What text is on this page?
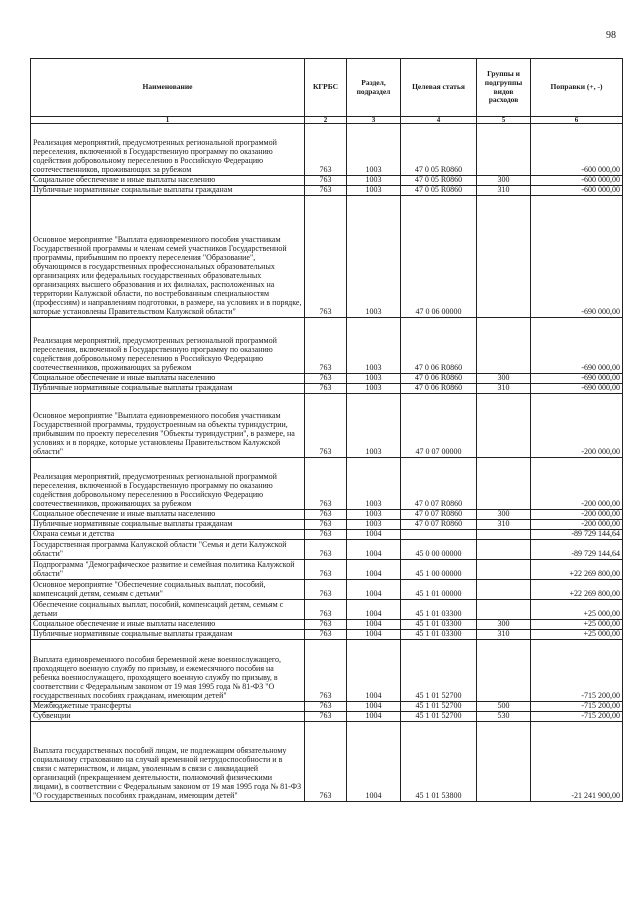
98
Наименование	КГРБС	Раздел, подраздел	Целевая статья	Группы и подгруппы видов расходов	Поправки (+, -)
1	2	3	4	5	6
Реализация мероприятий, предусмотренных региональной программой переселения, включенной в Государственную программу по оказанию содействия добровольному переселению в Российскую Федерацию соотечественников, проживающих за рубежом	763	1003	47 0 05 R0860		-600 000,00
Социальное обеспечение и иные выплаты населению	763	1003	47 0 05 R0860	300	-600 000,00
Публичные нормативные социальные выплаты гражданам	763	1003	47 0 05 R0860	310	-600 000,00
Основное мероприятие "Выплата единовременного пособия участникам Государственной программы и членам семей участников Государственной программы, прибывшим по проекту переселения "Образование", обучающимся в государственных профессиональных образовательных организациях или федеральных государственных образовательных организациях высшего образования и их филиалах, расположенных на территории Калужской области, по востребованным специальностям (профессиям) и направлениям подготовки, в размере, на условиях и в порядке, которые установлены Правительством Калужской области"	763	1003	47 0 06 00000		-690 000,00
Реализация мероприятий, предусмотренных региональной программой переселения, включенной в Государственную программу по оказанию содействия добровольному переселению в Российскую Федерацию соотечественников, проживающих за рубежом	763	1003	47 0 06 R0860		-690 000,00
Социальное обеспечение и иные выплаты населению	763	1003	47 0 06 R0860	300	-690 000,00
Публичные нормативные социальные выплаты гражданам	763	1003	47 0 06 R0860	310	-690 000,00
Основное мероприятие "Выплата единовременного пособия участникам Государственной программы, трудоустроенным на объекты туриндустрии, прибывшим по проекту переселения "Объекты туриндустрии", в размере, на условиях и в порядке, которые установлены Правительством Калужской области"	763	1003	47 0 07 00000		-200 000,00
Реализация мероприятий, предусмотренных региональной программой переселения, включенной в Государственную программу по оказанию содействия добровольному переселению в Российскую Федерацию соотечественников, проживающих за рубежом	763	1003	47 0 07 R0860		-200 000,00
Социальное обеспечение и иные выплаты населению	763	1003	47 0 07 R0860	300	-200 000,00
Публичные нормативные социальные выплаты гражданам	763	1003	47 0 07 R0860	310	-200 000,00
Охрана семьи и детства	763	1004			-89 729 144,64
Государственная программа Калужской области "Семья и дети Калужской области"	763	1004	45 0 00 00000		-89 729 144,64
Подпрограмма "Демографическое развитие и семейная политика Калужской области"	763	1004	45 1 00 00000		+22 269 800,00
Основное мероприятие "Обеспечение социальных выплат, пособий, компенсаций детям, семьям с детьми"	763	1004	45 1 01 00000		+22 269 800,00
Обеспечение социальных выплат, пособий, компенсаций детям, семьям с детьми	763	1004	45 1 01 03300		+25 000,00
Социальное обеспечение и иные выплаты населению	763	1004	45 1 01 03300	300	+25 000,00
Публичные нормативные социальные выплаты гражданам	763	1004	45 1 01 03300	310	+25 000,00
Выплата единовременного пособия беременной жене военнослужащего, проходящего военную службу по призыву, и ежемесячного пособия на ребенка военнослужащего, проходящего военную службу по призыву, в соответствии с Федеральным законом от 19 мая 1995 года № 81-ФЗ "О государственных пособиях гражданам, имеющим детей"	763	1004	45 1 01 52700		-715 200,00
Межбюджетные трансферты	763	1004	45 1 01 52700	500	-715 200,00
Субвенции	763	1004	45 1 01 52700	530	-715 200,00
Выплата государственных пособий лицам, не подлежащим обязательному социальному страхованию на случай временной нетрудоспособности и в связи с материнством, и лицам, уволенным в связи с ликвидацией организаций (прекращением деятельности, полномочий физическими лицами), в соответствии с Федеральным законом от 19 мая 1995 года № 81-ФЗ "О государственных пособиях гражданам, имеющим детей"	763	1004	45 1 01 53800		-21 241 900,00
